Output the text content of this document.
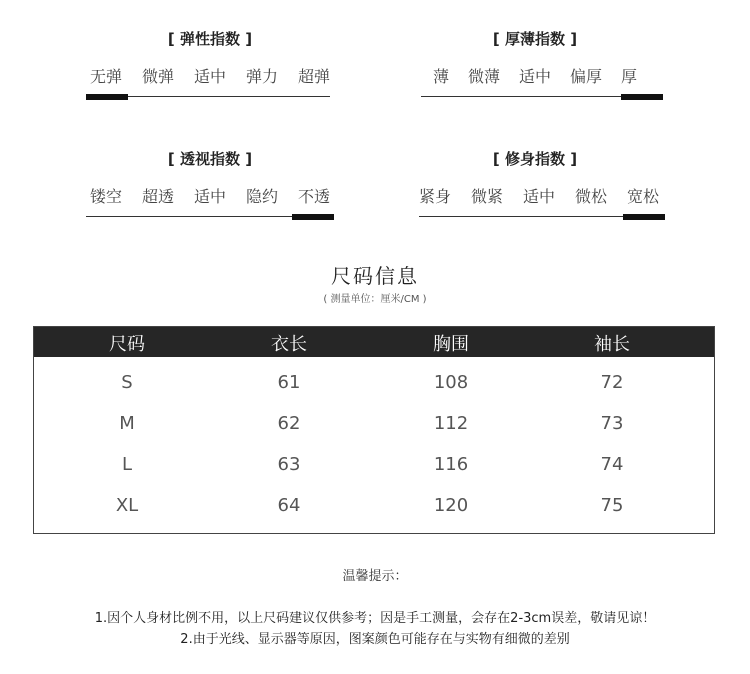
[ 弹性指数 ]
无弹 微弹 适中 弹力 超弹
[ 厚薄指数 ]
薄 微薄 适中 偏厚 厚
[ 透视指数 ]
镂空 超透 适中 隐约 不透
[ 修身指数 ]
紧身 微紧 适中 微松 宽松
尺码信息
( 测量单位：厘米/CM )
尺码	衣长	胸围	袖长
S	61	108	72
M	62	112	73
L	63	116	74
XL	64	120	75
温馨提示：
1.因个人身材比例不用，以上尺码建议仅供参考；因是手工测量，会存在2-3cm误差，敬请见谅！
2.由于光线、显示器等原因，图案颜色可能存在与实物有细微的差别
